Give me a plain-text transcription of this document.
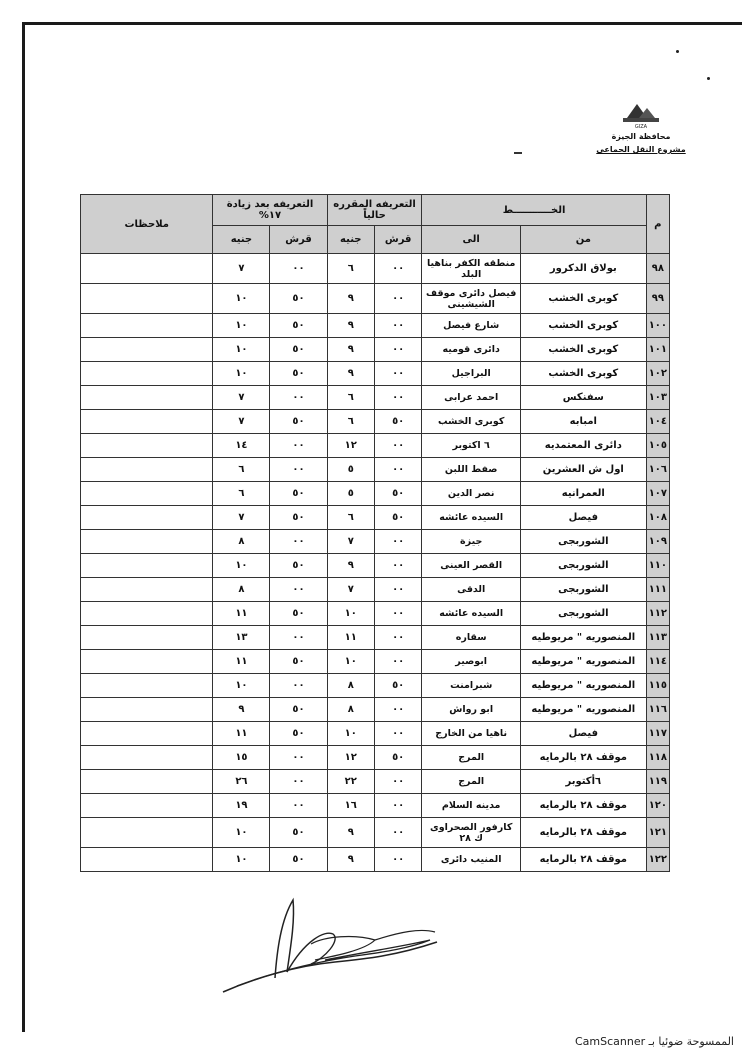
GIZA
محافظة الجيزة
مشروع النقل الجماعى
م	الخـــــــــــط		التعريفه المقرره حالياً		التعريفه بعد زيادة ١٧%		ملاحظات
	من	الى	قرش	جنيه	قرش	جنيه	
٩٨	بولاق الدكرور	منطقه الكفر بناهيا البلد	٠٠	٦	٠٠	٧	
٩٩	كوبرى الخشب	فيصل دائرى موقف الشيشينى	٠٠	٩	٥٠	١٠	
١٠٠	كوبرى الخشب	شارع فيصل	٠٠	٩	٥٠	١٠	
١٠١	كوبرى الخشب	دائرى قوميه	٠٠	٩	٥٠	١٠	
١٠٢	كوبرى الخشب	البراجيل	٠٠	٩	٥٠	١٠	
١٠٣	سفنكس	احمد عرابى	٠٠	٦	٠٠	٧	
١٠٤	امبابه	كوبرى الخشب	٥٠	٦	٥٠	٧	
١٠٥	دائرى المعتمديه	٦ اكتوبر	٠٠	١٢	٠٠	١٤	
١٠٦	اول ش العشرين	صفط اللبن	٠٠	٥	٠٠	٦	
١٠٧	العمرانيه	نصر الدين	٥٠	٥	٥٠	٦	
١٠٨	فيصل	السيده عائشه	٥٠	٦	٥٠	٧	
١٠٩	الشوربجى	جيزة	٠٠	٧	٠٠	٨	
١١٠	الشوربجى	القصر العينى	٠٠	٩	٥٠	١٠	
١١١	الشوربجى	الدقى	٠٠	٧	٠٠	٨	
١١٢	الشوربجى	السيده عائشه	٠٠	١٠	٥٠	١١	
١١٣	المنصوريه " مريوطيه	سقاره	٠٠	١١	٠٠	١٣	
١١٤	المنصوريه " مريوطيه	ابوصير	٠٠	١٠	٥٠	١١	
١١٥	المنصوريه " مريوطيه	شبرامنت	٥٠	٨	٠٠	١٠	
١١٦	المنصوريه " مريوطيه	ابو رواش	٠٠	٨	٥٠	٩	
١١٧	فيصل	ناهيا من الخارج	٠٠	١٠	٥٠	١١	
١١٨	موقف ٢٨ بالرمايه	المرج	٥٠	١٢	٠٠	١٥	
١١٩	٦أكتوبر	المرج	٠٠	٢٢	٠٠	٢٦	
١٢٠	موقف ٢٨ بالرمايه	مدينه السلام	٠٠	١٦	٠٠	١٩	
١٢١	موقف ٢٨ بالرمايه	كارفور الصحراوى ك ٢٨	٠٠	٩	٥٠	١٠	
١٢٢	موقف ٢٨ بالرمايه	المنيب دائرى	٠٠	٩	٥٠	١٠	
الممسوحة ضوئيا بـ CamScanner
